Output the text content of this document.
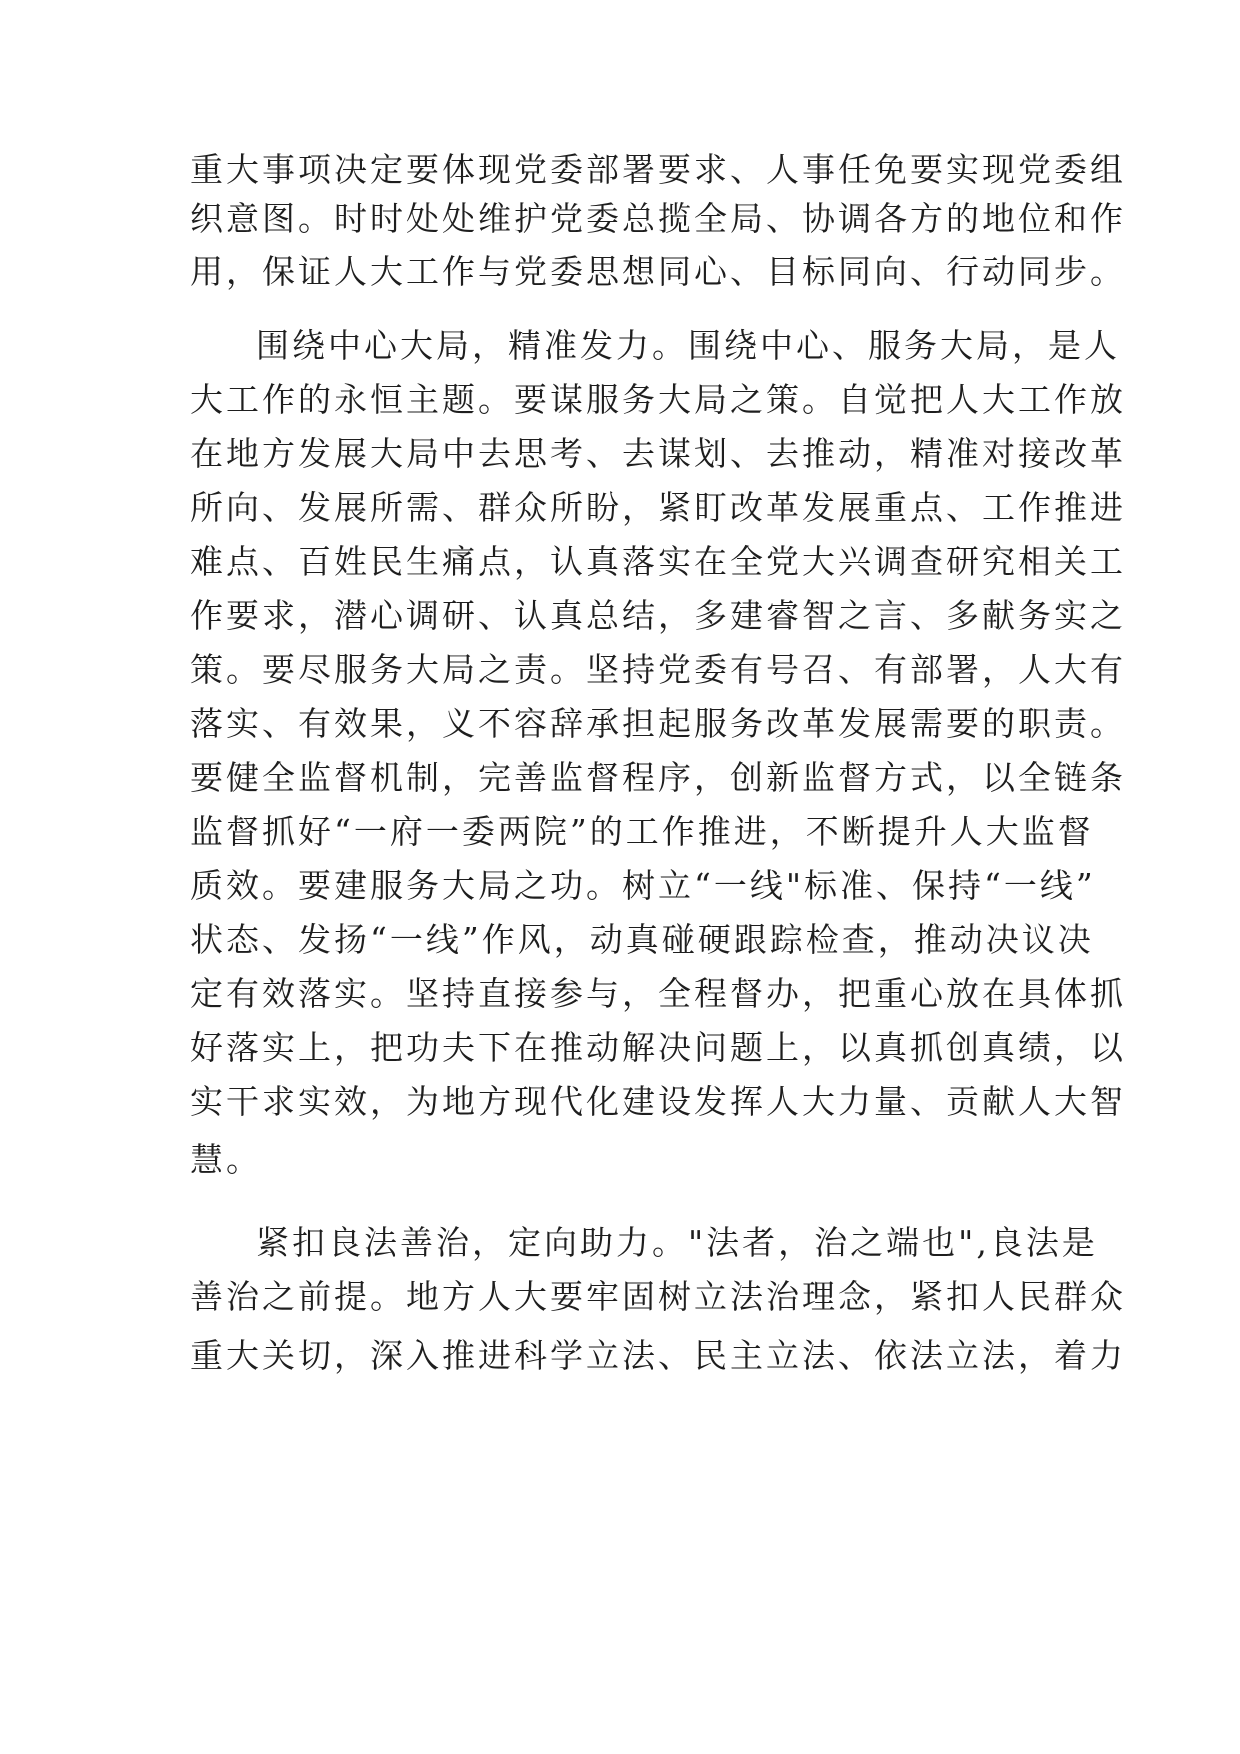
重大事项决定要体现党委部署要求、人事任免要实现党委组
织意图。时时处处维护党委总揽全局、协调各方的地位和作
用，保证人大工作与党委思想同心、目标同向、行动同步。
围绕中心大局，精准发力。围绕中心、服务大局，是人
大工作的永恒主题。要谋服务大局之策。自觉把人大工作放
在地方发展大局中去思考、去谋划、去推动，精准对接改革
所向、发展所需、群众所盼，紧盯改革发展重点、工作推进
难点、百姓民生痛点，认真落实在全党大兴调查研究相关工
作要求，潜心调研、认真总结，多建睿智之言、多献务实之
策。要尽服务大局之责。坚持党委有号召、有部署，人大有
落实、有效果，义不容辞承担起服务改革发展需要的职责。
要健全监督机制，完善监督程序，创新监督方式，以全链条
监督抓好“一府一委两院”的工作推进，不断提升人大监督
质效。要建服务大局之功。树立“一线"标准、保持“一线”
状态、发扬“一线”作风，动真碰硬跟踪检查，推动决议决
定有效落实。坚持直接参与，全程督办，把重心放在具体抓
好落实上，把功夫下在推动解决问题上，以真抓创真绩，以
实干求实效，为地方现代化建设发挥人大力量、贡献人大智
慧。
紧扣良法善治，定向助力。"法者，治之端也",良法是
善治之前提。地方人大要牢固树立法治理念，紧扣人民群众
重大关切，深入推进科学立法、民主立法、依法立法，着力
